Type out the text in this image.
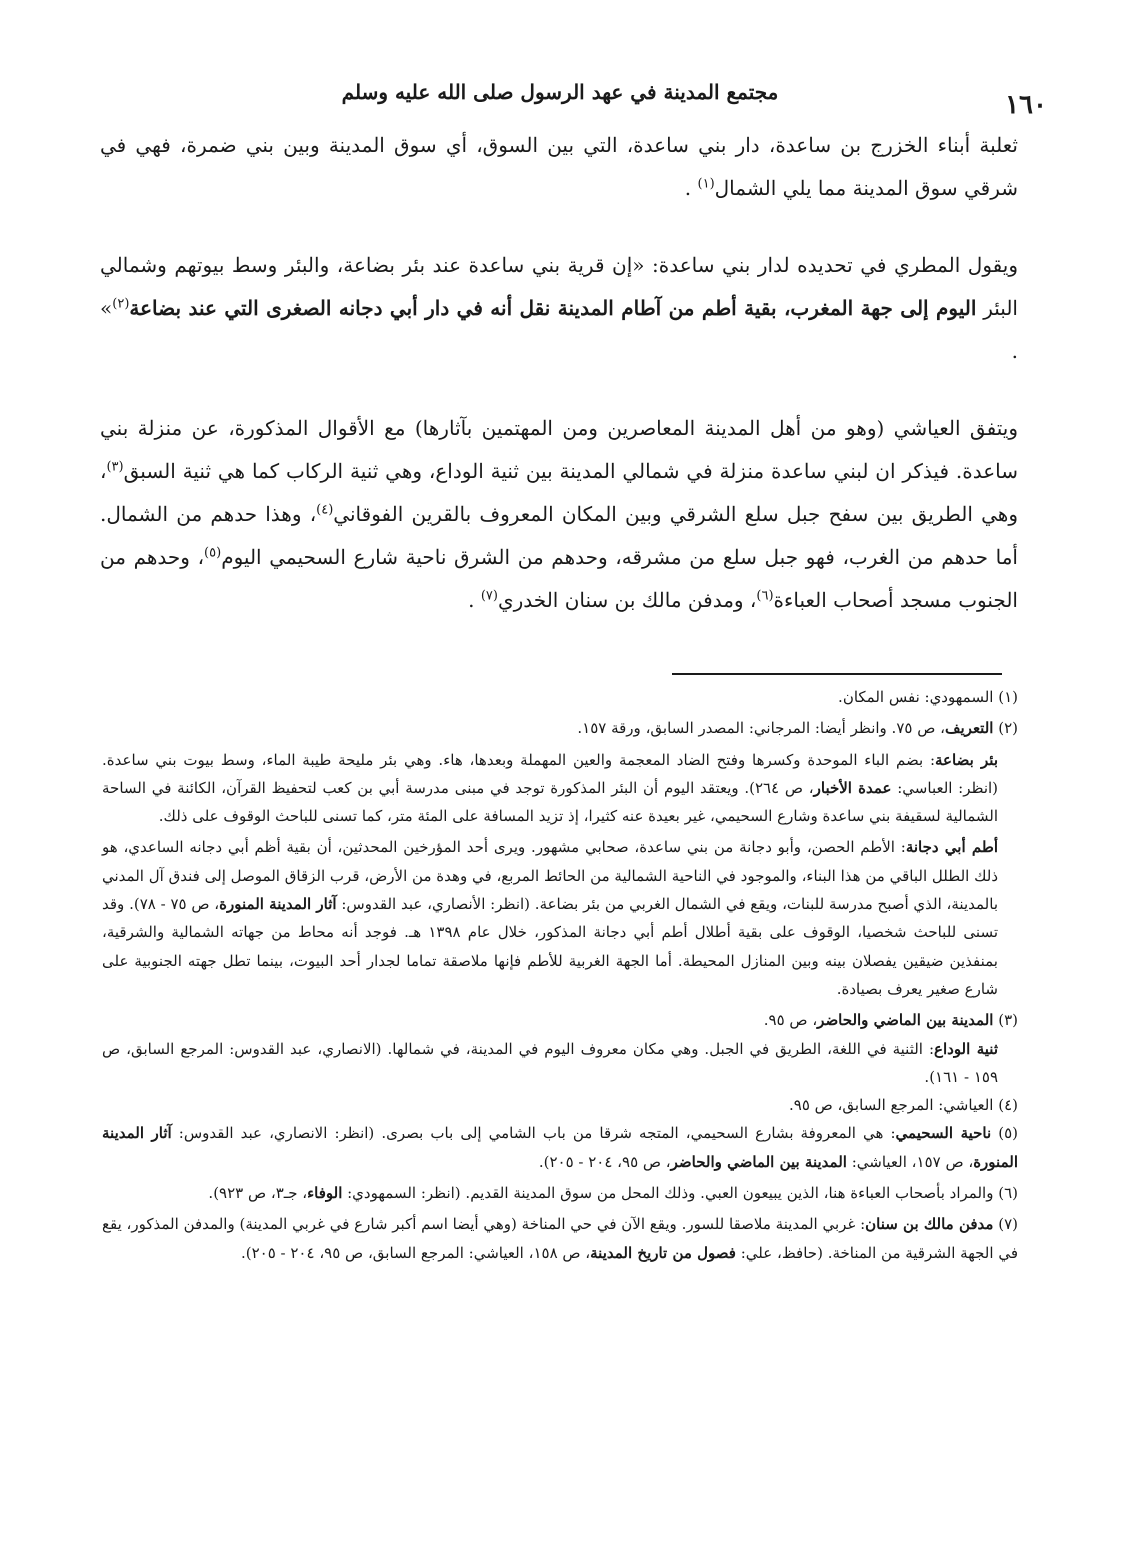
مجتمع المدينة في عهد الرسول صلى الله عليه وسلم	١٦٠

ثعلبة أبناء الخزرج بن ساعدة، دار بني ساعدة، التي بين السوق، أي سوق المدينة وبين بني ضمرة، فهي في شرقي سوق المدينة مما يلي الشمال$^{(١)}$ .

ويقول المطري في تحديده لدار بني ساعدة: «إن قرية بني ساعدة عند بئر بضاعة، والبئر وسط بيوتهم وشمالي البئر اليوم إلى جهة المغرب، بقية أطم من آطام المدينة نقل أنه في دار أبي دجانه الصغرى التي عند بضاعة$^{(٢)}$» .

ويتفق العياشي (وهو من أهل المدينة المعاصرين ومن المهتمين بآثارها) مع الأقوال المذكورة، عن منزلة بني ساعدة. فيذكر ان لبني ساعدة منزلة في شمالي المدينة بين ثنية الوداع، وهي ثنية الركاب كما هي ثنية السبق$^{(٣)}$، وهي الطريق بين سفح جبل سلع الشرقي وبين المكان المعروف بالقرين الفوقاني$^{(٤)}$، وهذا حدهم من الشمال. أما حدهم من الغرب، فهو جبل سلع من مشرقه، وحدهم من الشرق ناحية شارع السحيمي اليوم$^{(٥)}$، وحدهم من الجنوب مسجد أصحاب العباءة$^{(٦)}$، ومدفن مالك بن سنان الخدري$^{(٧)}$ .

(١) السمهودي: نفس المكان.

(٢) التعريف، ص ٧٥. وانظر أيضا: المرجاني: المصدر السابق، ورقة ١٥٧.

بئر بضاعة: بضم الباء الموحدة وكسرها وفتح الضاد المعجمة والعين المهملة وبعدها، هاء. وهي بئر مليحة طيبة الماء، وسط بيوت بني ساعدة. (انظر: العباسي: عمدة الأخبار، ص ٢٦٤). ويعتقد اليوم أن البئر المذكورة توجد في مبنى مدرسة أبي بن كعب لتحفيظ القرآن، الكائنة في الساحة الشمالية لسقيفة بني ساعدة وشارع السحيمي، غير بعيدة عنه كثيرا، إذ تزيد المسافة على المئة متر، كما تسنى للباحث الوقوف على ذلك.

أطم أبي دجانة: الأطم الحصن، وأبو دجانة من بني ساعدة، صحابي مشهور. ويرى أحد المؤرخين المحدثين، أن بقية أظم أبي دجانه الساعدي، هو ذلك الطلل الباقي من هذا البناء، والموجود في الناحية الشمالية من الحائط المربع، في وهدة من الأرض، قرب الزقاق الموصل إلى فندق آل المدني بالمدينة، الذي أصبح مدرسة للبنات، ويقع في الشمال الغربي من بئر بضاعة. (انظر: الأنصاري، عبد القدوس: آثار المدينة المنورة، ص ٧٥ - ٧٨). وقد تسنى للباحث شخصيا، الوقوف على بقية أطلال أطم أبي دجانة المذكور، خلال عام ١٣٩٨ هـ. فوجد أنه محاط من جهاته الشمالية والشرقية، بمنفذين ضيقين يفصلان بينه وبين المنازل المحيطة. أما الجهة الغربية للأطم فإنها ملاصقة تماما لجدار أحد البيوت، بينما تطل جهته الجنوبية على شارع صغير يعرف بصيادة.

(٣) المدينة بين الماضي والحاضر، ص ٩٥.

ثنية الوداع: الثنية في اللغة، الطريق في الجبل. وهي مكان معروف اليوم في المدينة، في شمالها. (الانصاري، عبد القدوس: المرجع السابق، ص ١٥٩ - ١٦١).

(٤) العياشي: المرجع السابق، ص ٩٥.

(٥) ناحية السحيمي: هي المعروفة بشارع السحيمي، المتجه شرقا من باب الشامي إلى باب بصرى. (انظر: الانصاري، عبد القدوس: آثار المدينة المنورة، ص ١٥٧، العياشي: المدينة بين الماضي والحاضر، ص ٩٥، ٢٠٤ - ٢٠٥).

(٦) والمراد بأصحاب العباءة هنا، الذين يبيعون العبي. وذلك المحل من سوق المدينة القديم. (انظر: السمهودي: الوفاء، جـ٣، ص ٩٢٣).

(٧) مدفن مالك بن سنان: غربي المدينة ملاصقا للسور. ويقع الآن في حي المناخة (وهي أيضا اسم أكبر شارع في غربي المدينة) والمدفن المذكور، يقع في الجهة الشرقية من المناخة. (حافظ، علي: فصول من تاريخ المدينة، ص ١٥٨، العياشي: المرجع السابق، ص ٩٥، ٢٠٤ - ٢٠٥).
